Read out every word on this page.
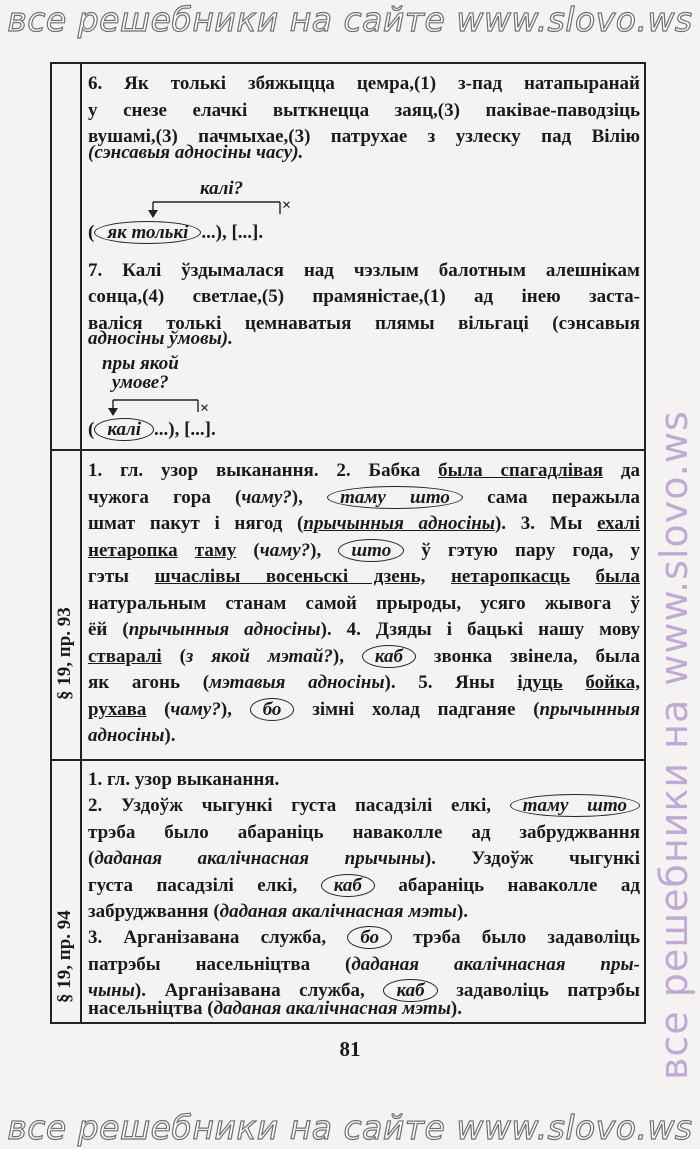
все решебники на сайте www.slovo.ws
все решебники на www.slovo.ws
§ 19, пр. 93
§ 19, пр. 94
6. Як толькі збяжыцца цемра,(1) з-пад натапыранай
у снезе елачкі выткнецца заяц,(3) паківае-паводзіць
вушамі,(3) пачмыхае,(3) патрухае з узлеску пад Вілію
(сэнсавыя адносіны часу).
калі?
×
( як толькі ...), [...].
7. Калі ўздымалася над чэзлым балотным алешнікам
сонца,(4) светлае,(5) прамяністае,(1) ад інею заста-
валіся толькі цемнаватыя плямы вільгаці (сэнсавыя
адносіны ўмовы).
пры якой
умове?
×
( калі ...), [...].
1. гл. узор выканання. 2. Бабка была спагадлівая да
чужога гора (чаму?), таму што сама перажыла
шмат пакут і нягод (прычынныя адносіны). 3. Мы ехалі
нетаропка таму (чаму?), што ў гэтую пару года, у
гэты шчаслівы восеньскі дзень, нетаропкасць была
натуральным станам самой прыроды, усяго жывога ў
ёй (прычынныя адносіны). 4. Дзяды і бацькі нашу мову
стваралі (з якой мэтай?), каб звонка звінела, была
як агонь (мэтавыя адносіны). 5. Яны ідуць бойка,
рухава (чаму?), бо зімні холад падганяе (прычынныя
адносіны).
1. гл. узор выканання.
2. Уздоўж чыгункі густа пасадзілі елкі, таму што
трэба было абараніць наваколле ад забруджвання
(даданая акалічнасная прычыны). Уздоўж чыгункі
густа пасадзілі елкі, каб абараніць наваколле ад
забруджвання (даданая акалічнасная мэты).
3. Арганізавана служба, бо трэба было задаволіць
патрэбы насельніцтва (даданая акалічнасная пры-
чыны). Арганізавана служба, каб задаволіць патрэбы
насельніцтва (даданая акалічнасная мэты).
81
все решебники на сайте www.slovo.ws
